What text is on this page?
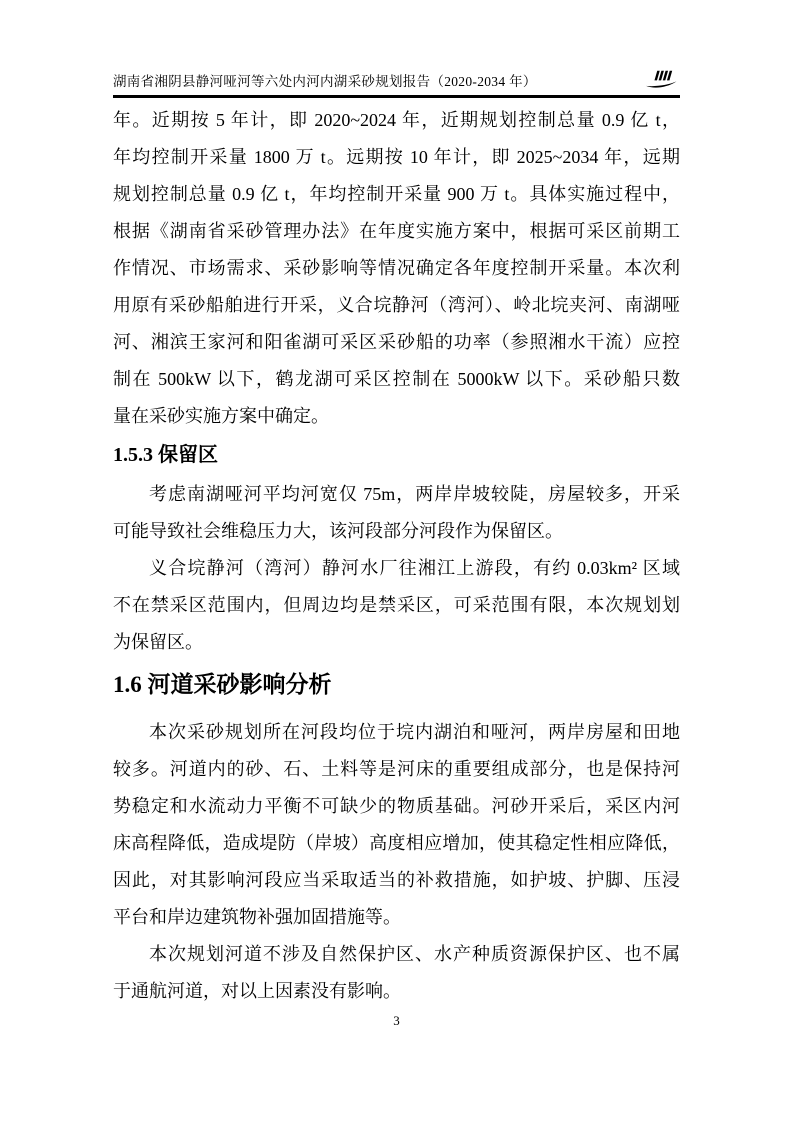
湖南省湘阴县静河哑河等六处内河内湖采砂规划报告（2020-2034 年）
年。近期按 5 年计，即 2020~2024 年，近期规划控制总量 0.9 亿 t，
年均控制开采量 1800 万 t。远期按 10 年计，即 2025~2034 年，远期
规划控制总量 0.9 亿 t，年均控制开采量 900 万 t。具体实施过程中，
根据《湖南省采砂管理办法》在年度实施方案中，根据可采区前期工
作情况、市场需求、采砂影响等情况确定各年度控制开采量。本次利
用原有采砂船舶进行开采，义合垸静河（湾河）、岭北垸夹河、南湖哑
河、湘滨王家河和阳雀湖可采区采砂船的功率（参照湘水干流）应控
制在 500kW 以下，鹤龙湖可采区控制在 5000kW 以下。采砂船只数
量在采砂实施方案中确定。
1.5.3 保留区
考虑南湖哑河平均河宽仅 75m，两岸岸坡较陡，房屋较多，开采
可能导致社会维稳压力大，该河段部分河段作为保留区。
义合垸静河（湾河）静河水厂往湘江上游段，有约 0.03km² 区域
不在禁采区范围内，但周边均是禁采区，可采范围有限，本次规划划
为保留区。
1.6 河道采砂影响分析
本次采砂规划所在河段均位于垸内湖泊和哑河，两岸房屋和田地
较多。河道内的砂、石、土料等是河床的重要组成部分，也是保持河
势稳定和水流动力平衡不可缺少的物质基础。河砂开采后，采区内河
床高程降低，造成堤防（岸坡）高度相应增加，使其稳定性相应降低，
因此，对其影响河段应当采取适当的补救措施，如护坡、护脚、压浸
平台和岸边建筑物补强加固措施等。
本次规划河道不涉及自然保护区、水产种质资源保护区、也不属
于通航河道，对以上因素没有影响。
3
